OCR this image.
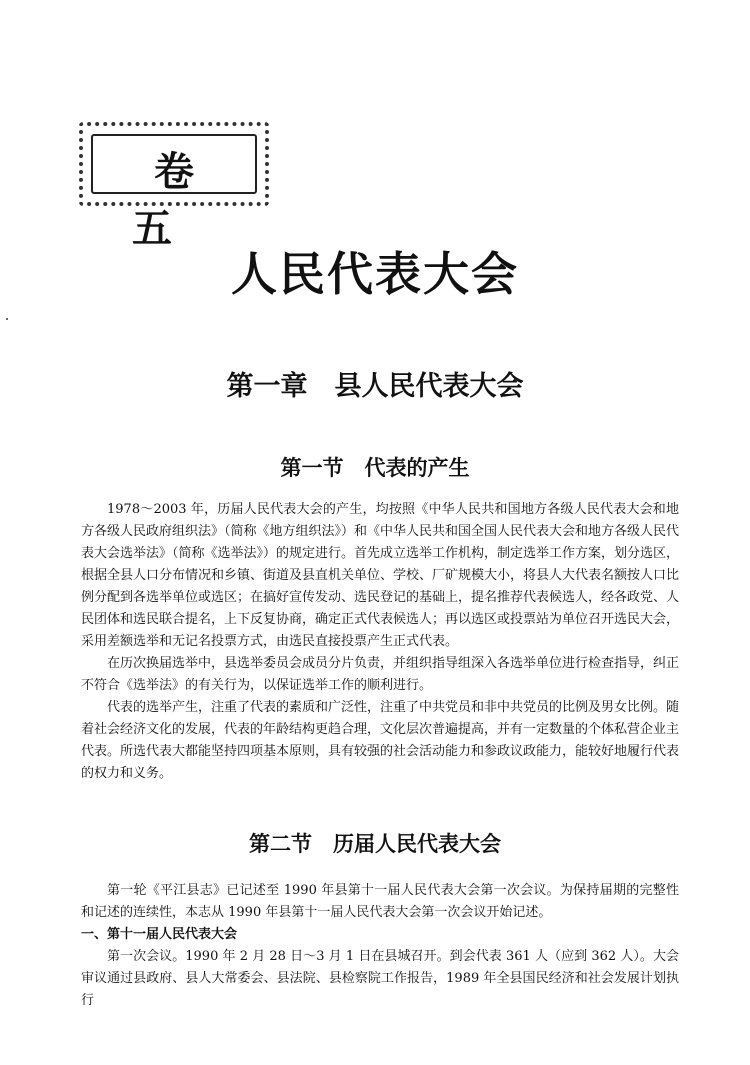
卷 五
人民代表大会
第一章　县人民代表大会
第一节　代表的产生

1978～2003 年，历届人民代表大会的产生，均按照《中华人民共和国地方各级人民代表大会和地方各级人民政府组织法》（简称《地方组织法》）和《中华人民共和国全国人民代表大会和地方各级人民代表大会选举法》（简称《选举法》）的规定进行。首先成立选举工作机构，制定选举工作方案，划分选区，根据全县人口分布情况和乡镇、街道及县直机关单位、学校、厂矿规模大小，将县人大代表名额按人口比例分配到各选举单位或选区；在搞好宣传发动、选民登记的基础上，提名推荐代表候选人，经各政党、人民团体和选民联合提名，上下反复协商，确定正式代表候选人；再以选区或投票站为单位召开选民大会，采用差额选举和无记名投票方式，由选民直接投票产生正式代表。

在历次换届选举中，县选举委员会成员分片负责，并组织指导组深入各选举单位进行检查指导，纠正不符合《选举法》的有关行为，以保证选举工作的顺利进行。

代表的选举产生，注重了代表的素质和广泛性，注重了中共党员和非中共党员的比例及男女比例。随着社会经济文化的发展，代表的年龄结构更趋合理，文化层次普遍提高，并有一定数量的个体私营企业主代表。所选代表大都能坚持四项基本原则，具有较强的社会活动能力和参政议政能力，能较好地履行代表的权力和义务。

第二节　历届人民代表大会

第一轮《平江县志》已记述至 1990 年县第十一届人民代表大会第一次会议。为保持届期的完整性和记述的连续性，本志从 1990 年县第十一届人民代表大会第一次会议开始记述。

一、第十一届人民代表大会

第一次会议。1990 年 2 月 28 日～3 月 1 日在县城召开。到会代表 361 人（应到 362 人）。大会审议通过县政府、县人大常委会、县法院、县检察院工作报告，1989 年全县国民经济和社会发展计划执行
